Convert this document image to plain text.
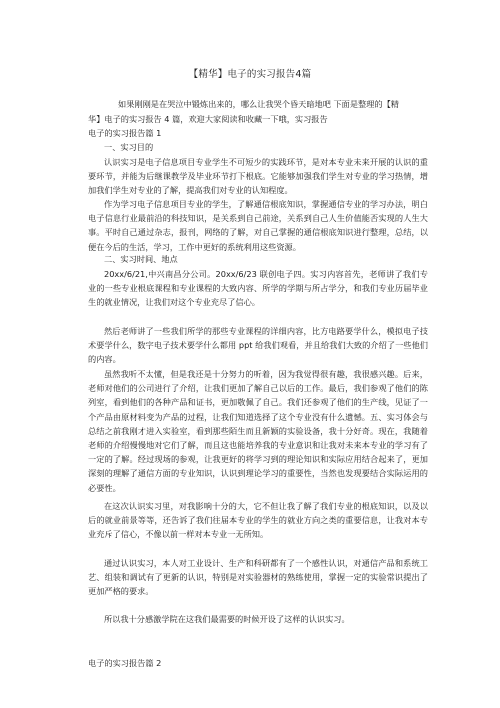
【精华】电子的实习报告4篇
如果刚刚是在哭泣中锻炼出来的，哪么让我哭个昏天暗地吧 下面是整理的【精
华】电子的实习报告 4 篇，欢迎大家阅读和收藏一下哦，实习报告
电子的实习报告篇 1
一、实习目的
认识实习是电子信息项目专业学生不可短少的实践环节，是对本专业未来开展的认识的重要环节，并能为后继课教学及毕业环节打下根底。它能够加强我们学生对专业的学习热情，增加我们学生对专业的了解，提高我们对专业的认知程度。
作为学习电子信息项目专业的学生，了解通信根底知识，掌握通信专业的学习办法，明白电子信息行业最前沿的科技知识，是关系到自己前途，关系到自己人生价值能否实现的人生大事。平时自己通过杂志，报刊，网络的了解，对自己掌握的通信根底知识进行整理，总结，以便在今后的生活，学习，工作中更好的系统利用这些资源。
二、实习时间、地点
20xx/6/21,中兴南昌分公司。20xx/6/23 联创电子四。实习内容首先，老师讲了我们专业的一些专业根底课程和专业课程的大致内容、所学的学期与所占学分，和我们专业历届毕业生的就业情况，让我们对这个专业充尽了信心。
然后老师讲了一些我们所学的那些专业课程的详细内容，比方电路要学什么，模拟电子技术要学什么，数字电子技术要学什么都用 ppt 给我们观看，并且给我们大致的介绍了一些他们的内容。
虽然我听不太懂，但是我还是十分努力的听着，因为我觉得很有趣，我很感兴趣。后来，老师对他们的公司进行了介绍，让我们更加了解自己以后的工作。最后，我们参观了他们的陈列室，看到他们的各种产品和证书，更加敬佩了自己。我们还参观了他们的生产线，见证了一个产品由原材料变为产品的过程，让我们知道选择了这个专业没有什么遗憾。五、实习体会与总结之前我刚才进入实验室，看到那些陌生而且新颖的实验设备，我十分好奇。现在，我随着老师的介绍慢慢地对它们了解，而且这也能培养我的专业意识和让我对未来本专业的学习有了一定的了解。经过现场的参观，让我更好的将学习到的理论知识和实际应用结合起来了，更加深刻的理解了通信方面的专业知识，认识到理论学习的重要性，当然也发现要结合实际运用的必要性。
在这次认识实习里，对我影响十分的大，它不但让我了解了我们专业的根底知识，以及以后的就业前景等等，还告诉了我们往届本专业的学生的就业方向之类的重要信息，让我对本专业充斥了信心，不像以前一样对本专业一无所知。
通过认识实习，本人对工业设计、生产和科研都有了一个感性认识，对通信产品和系统工艺、组装和调试有了更新的认识，特别是对实验器材的熟练使用，掌握一定的实验常识提出了更加严格的要求。
所以我十分感激学院在这我们最需要的时候开设了这样的认识实习。
电子的实习报告篇 2
